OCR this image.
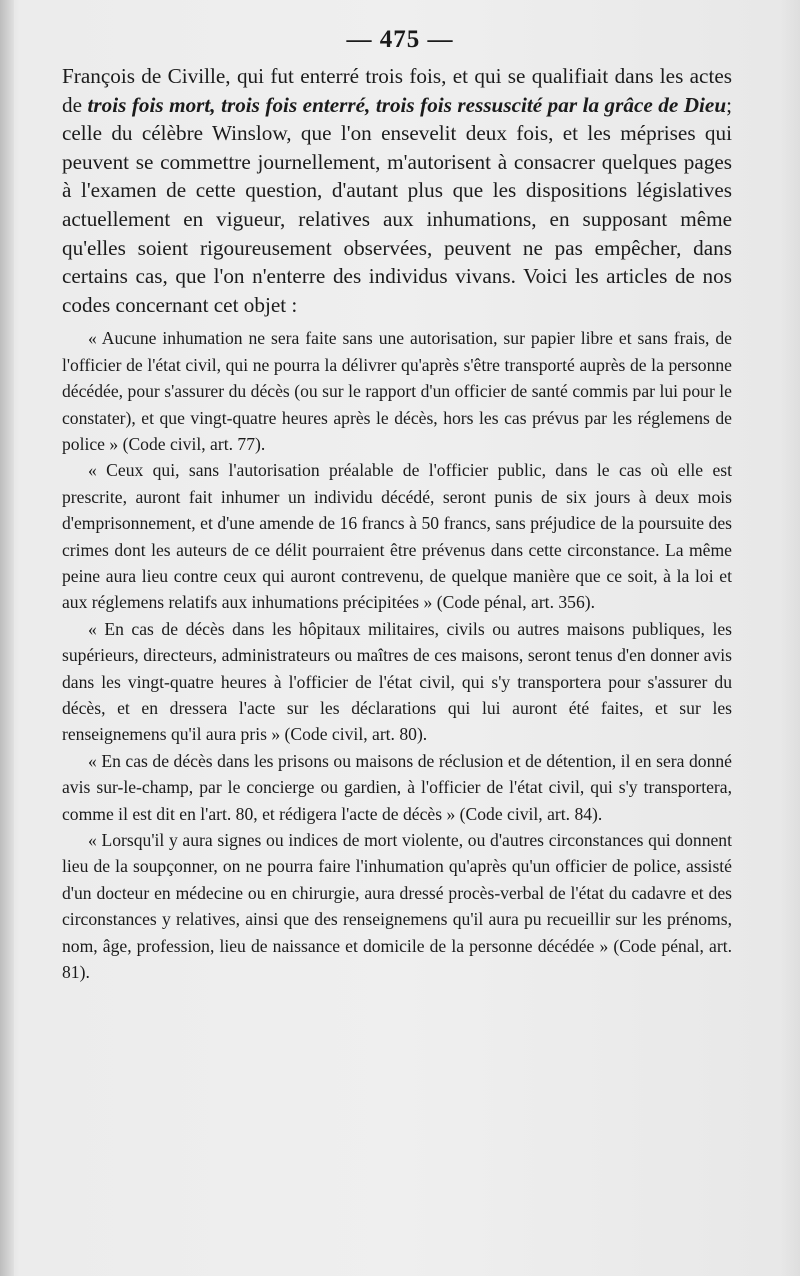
— 475 —

François de Civille, qui fut enterré trois fois, et qui se qualifiait dans les actes de trois fois mort, trois fois enterré, trois fois ressuscité par la grâce de Dieu; celle du célèbre Winslow, que l'on ensevelit deux fois, et les méprises qui peuvent se commettre journellement, m'autorisent à consacrer quelques pages à l'examen de cette question, d'autant plus que les dispositions législatives actuellement en vigueur, relatives aux inhumations, en supposant même qu'elles soient rigoureusement observées, peuvent ne pas empêcher, dans certains cas, que l'on n'enterre des individus vivans. Voici les articles de nos codes concernant cet objet :

« Aucune inhumation ne sera faite sans une autorisation, sur papier libre et sans frais, de l'officier de l'état civil, qui ne pourra la délivrer qu'après s'être transporté auprès de la personne décédée, pour s'assurer du décès (ou sur le rapport d'un officier de santé commis par lui pour le constater), et que vingt-quatre heures après le décès, hors les cas prévus par les réglemens de police » (Code civil, art. 77).

« Ceux qui, sans l'autorisation préalable de l'officier public, dans le cas où elle est prescrite, auront fait inhumer un individu décédé, seront punis de six jours à deux mois d'emprisonnement, et d'une amende de 16 francs à 50 francs, sans préjudice de la poursuite des crimes dont les auteurs de ce délit pourraient être prévenus dans cette circonstance. La même peine aura lieu contre ceux qui auront contrevenu, de quelque manière que ce soit, à la loi et aux réglemens relatifs aux inhumations précipitées » (Code pénal, art. 356).

« En cas de décès dans les hôpitaux militaires, civils ou autres maisons publiques, les supérieurs, directeurs, administrateurs ou maîtres de ces maisons, seront tenus d'en donner avis dans les vingt-quatre heures à l'officier de l'état civil, qui s'y transportera pour s'assurer du décès, et en dressera l'acte sur les déclarations qui lui auront été faites, et sur les renseignemens qu'il aura pris » (Code civil, art. 80).

« En cas de décès dans les prisons ou maisons de réclusion et de détention, il en sera donné avis sur-le-champ, par le concierge ou gardien, à l'officier de l'état civil, qui s'y transportera, comme il est dit en l'art. 80, et rédigera l'acte de décès » (Code civil, art. 84).

« Lorsqu'il y aura signes ou indices de mort violente, ou d'autres circonstances qui donnent lieu de la soupçonner, on ne pourra faire l'inhumation qu'après qu'un officier de police, assisté d'un docteur en médecine ou en chirurgie, aura dressé procès-verbal de l'état du cadavre et des circonstances y relatives, ainsi que des renseignemens qu'il aura pu recueillir sur les prénoms, nom, âge, profession, lieu de naissance et domicile de la personne décédée » (Code pénal, art. 81).
